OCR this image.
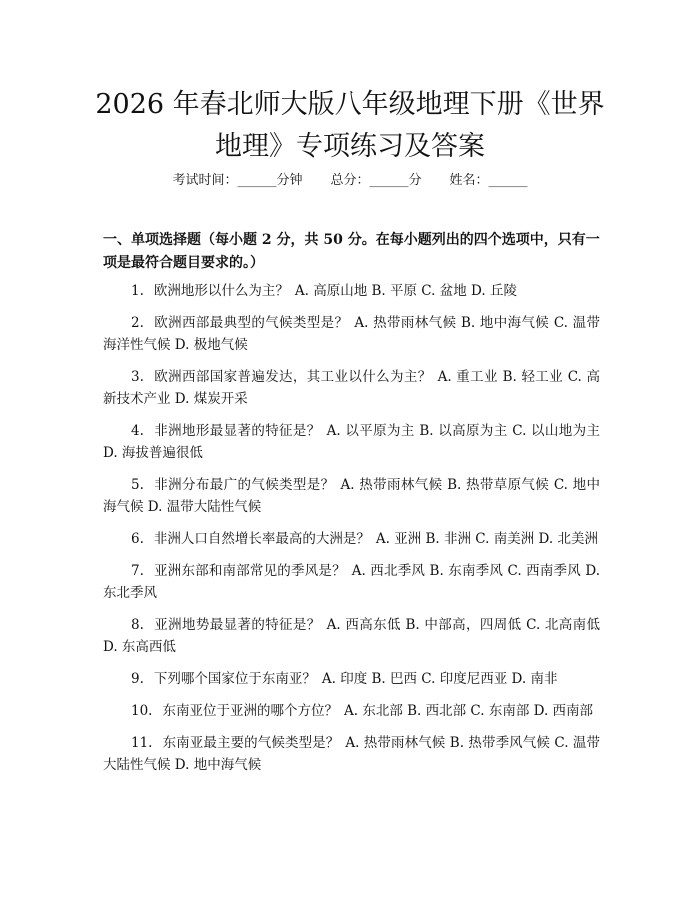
2026 年春北师大版八年级地理下册《世界地理》专项练习及答案
考试时间：______分钟 总分：______分 姓名：______
一、单项选择题（每小题 2 分，共 50 分。在每小题列出的四个选项中，只有一项是最符合题目要求的。）

1. 欧洲地形以什么为主？ A. 高原山地 B. 平原 C. 盆地 D. 丘陵

2. 欧洲西部最典型的气候类型是？ A. 热带雨林气候 B. 地中海气候 C. 温带海洋性气候 D. 极地气候

3. 欧洲西部国家普遍发达，其工业以什么为主？ A. 重工业 B. 轻工业 C. 高新技术产业 D. 煤炭开采

4. 非洲地形最显著的特征是？ A. 以平原为主 B. 以高原为主 C. 以山地为主 D. 海拔普遍很低

5. 非洲分布最广的气候类型是？ A. 热带雨林气候 B. 热带草原气候 C. 地中海气候 D. 温带大陆性气候

6. 非洲人口自然增长率最高的大洲是？ A. 亚洲 B. 非洲 C. 南美洲 D. 北美洲

7. 亚洲东部和南部常见的季风是？ A. 西北季风 B. 东南季风 C. 西南季风 D. 东北季风

8. 亚洲地势最显著的特征是？ A. 西高东低 B. 中部高，四周低 C. 北高南低 D. 东高西低

9. 下列哪个国家位于东南亚？ A. 印度 B. 巴西 C. 印度尼西亚 D. 南非

10. 东南亚位于亚洲的哪个方位？ A. 东北部 B. 西北部 C. 东南部 D. 西南部

11. 东南亚最主要的气候类型是？ A. 热带雨林气候 B. 热带季风气候 C. 温带大陆性气候 D. 地中海气候
